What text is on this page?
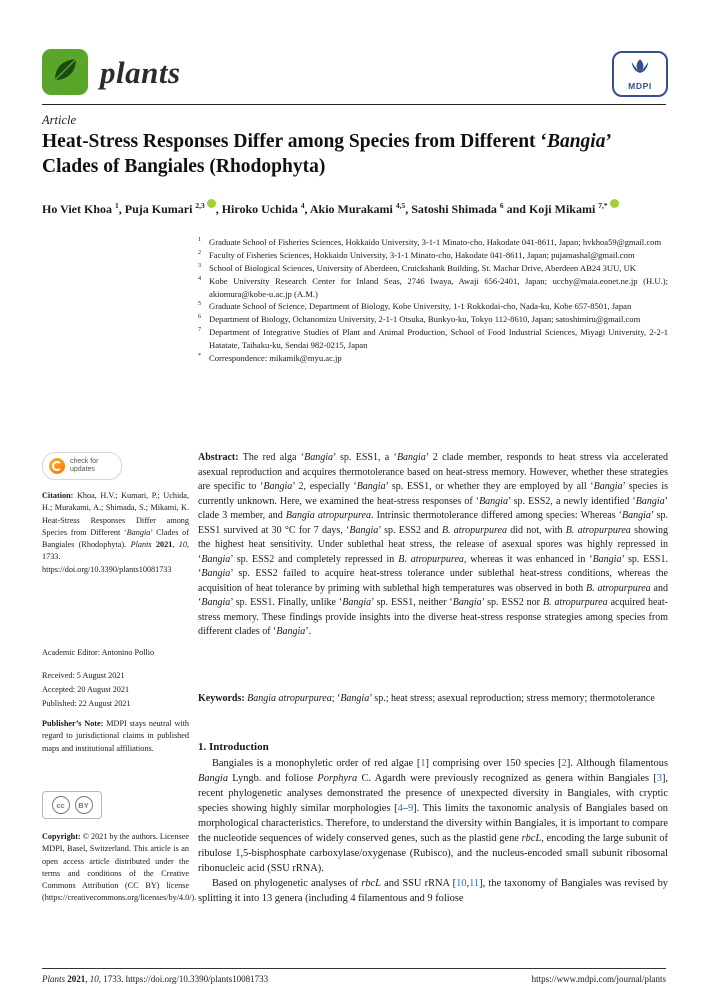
plants	MDPI
Article
Heat-Stress Responses Differ among Species from Different ‘Bangia’ Clades of Bangiales (Rhodophyta)
Ho Viet Khoa $^1$, Puja Kumari $^{2,3}$ , Hiroko Uchida $^4$, Akio Murakami $^{4,5}$, Satoshi Shimada $^6$ and Koji Mikami $^{7,*}$
1 Graduate School of Fisheries Sciences, Hokkaido University, 3-1-1 Minato-cho, Hakodate 041-8611, Japan; hvkhoa59@gmail.com
2 Faculty of Fisheries Sciences, Hokkaido University, 3-1-1 Minato-cho, Hakodate 041-8611, Japan; pujamashal@gmail.com
3 School of Biological Sciences, University of Aberdeen, Cruickshank Building, St. Machar Drive, Aberdeen AB24 3UU, UK
4 Kobe University Research Center for Inland Seas, 2746 Iwaya, Awaji 656-2401, Japan; ucchy@maia.eonet.ne.jp (H.U.); akiomura@kobe-u.ac.jp (A.M.)
5 Graduate School of Science, Department of Biology, Kobe University, 1-1 Rokkodai-cho, Nada-ku, Kobe 657-8501, Japan
6 Department of Biology, Ochanomizu University, 2-1-1 Otsuka, Bunkyo-ku, Tokyo 112-8610, Japan; satoshimiru@gmail.com
7 Department of Integrative Studies of Plant and Animal Production, School of Food Industrial Sciences, Miyagi University, 2-2-1 Hatatate, Taihaku-ku, Sendai 982-0215, Japan
* Correspondence: mikamik@myu.ac.jp
Abstract: The red alga ‘Bangia’ sp. ESS1, a ‘Bangia’ 2 clade member, responds to heat stress via accelerated asexual reproduction and acquires thermotolerance based on heat-stress memory. However, whether these strategies are specific to ‘Bangia’ 2, especially ‘Bangia’ sp. ESS1, or whether they are employed by all ‘Bangia’ species is currently unknown. Here, we examined the heat-stress responses of ‘Bangia’ sp. ESS2, a newly identified ‘Bangia’ clade 3 member, and Bangia atropurpurea. Intrinsic thermotolerance differed among species: Whereas ‘Bangia’ sp. ESS1 survived at 30 °C for 7 days, ‘Bangia’ sp. ESS2 and B. atropurpurea did not, with B. atropurpurea showing the highest heat sensitivity. Under sublethal heat stress, the release of asexual spores was highly repressed in ‘Bangia’ sp. ESS2 and completely repressed in B. atropurpurea, whereas it was enhanced in ‘Bangia’ sp. ESS1. ‘Bangia’ sp. ESS2 failed to acquire heat-stress tolerance under sublethal heat-stress conditions, whereas the acquisition of heat tolerance by priming with sublethal high temperatures was observed in both B. atropurpurea and ‘Bangia’ sp. ESS1. Finally, unlike ‘Bangia’ sp. ESS1, neither ‘Bangia’ sp. ESS2 nor B. atropurpurea acquired heat-stress memory. These findings provide insights into the diverse heat-stress response strategies among species from different clades of ‘Bangia’.
Keywords: Bangia atropurpurea; ‘Bangia’ sp.; heat stress; asexual reproduction; stress memory; thermotolerance
check for updates
Citation: Khoa, H.V.; Kumari, P.; Uchida, H.; Murakami, A.; Shimada, S.; Mikami, K. Heat-Stress Responses Differ among Species from Different ‘Bangia’ Clades of Bangiales (Rhodophyta). Plants 2021, 10, 1733. https://doi.org/10.3390/plants10081733
Academic Editor: Antonino Pollio
Received: 5 August 2021
Accepted: 20 August 2021
Published: 22 August 2021
Publisher’s Note: MDPI stays neutral with regard to jurisdictional claims in published maps and institutional affiliations.
cc	BY
Copyright: © 2021 by the authors. Licensee MDPI, Basel, Switzerland. This article is an open access article distributed under the terms and conditions of the Creative Commons Attribution (CC BY) license (https://creativecommons.org/licenses/by/4.0/).
1. Introduction

Bangiales is a monophyletic order of red algae [1] comprising over 150 species [2]. Although filamentous Bangia Lyngb. and foliose Porphyra C. Agardh were previously recognized as genera within Bangiales [3], recent phylogenetic analyses demonstrated the presence of unexpected diversity in Bangiales, with cryptic species showing highly similar morphologies [4–9]. This limits the taxonomic analysis of Bangiales based on morphological characteristics. Therefore, to understand the diversity within Bangiales, it is important to compare the nucleotide sequences of widely conserved genes, such as the plastid gene rbcL, encoding the large subunit of ribulose 1,5-bisphosphate carboxylase/oxygenase (Rubisco), and the nucleus-encoded small subunit ribosomal ribonucleic acid (SSU rRNA).

Based on phylogenetic analyses of rbcL and SSU rRNA [10,11], the taxonomy of Bangiales was revised by splitting it into 13 genera (including 4 filamentous and 9 foliose

Plants 2021, 10, 1733. https://doi.org/10.3390/plants10081733	https://www.mdpi.com/journal/plants
